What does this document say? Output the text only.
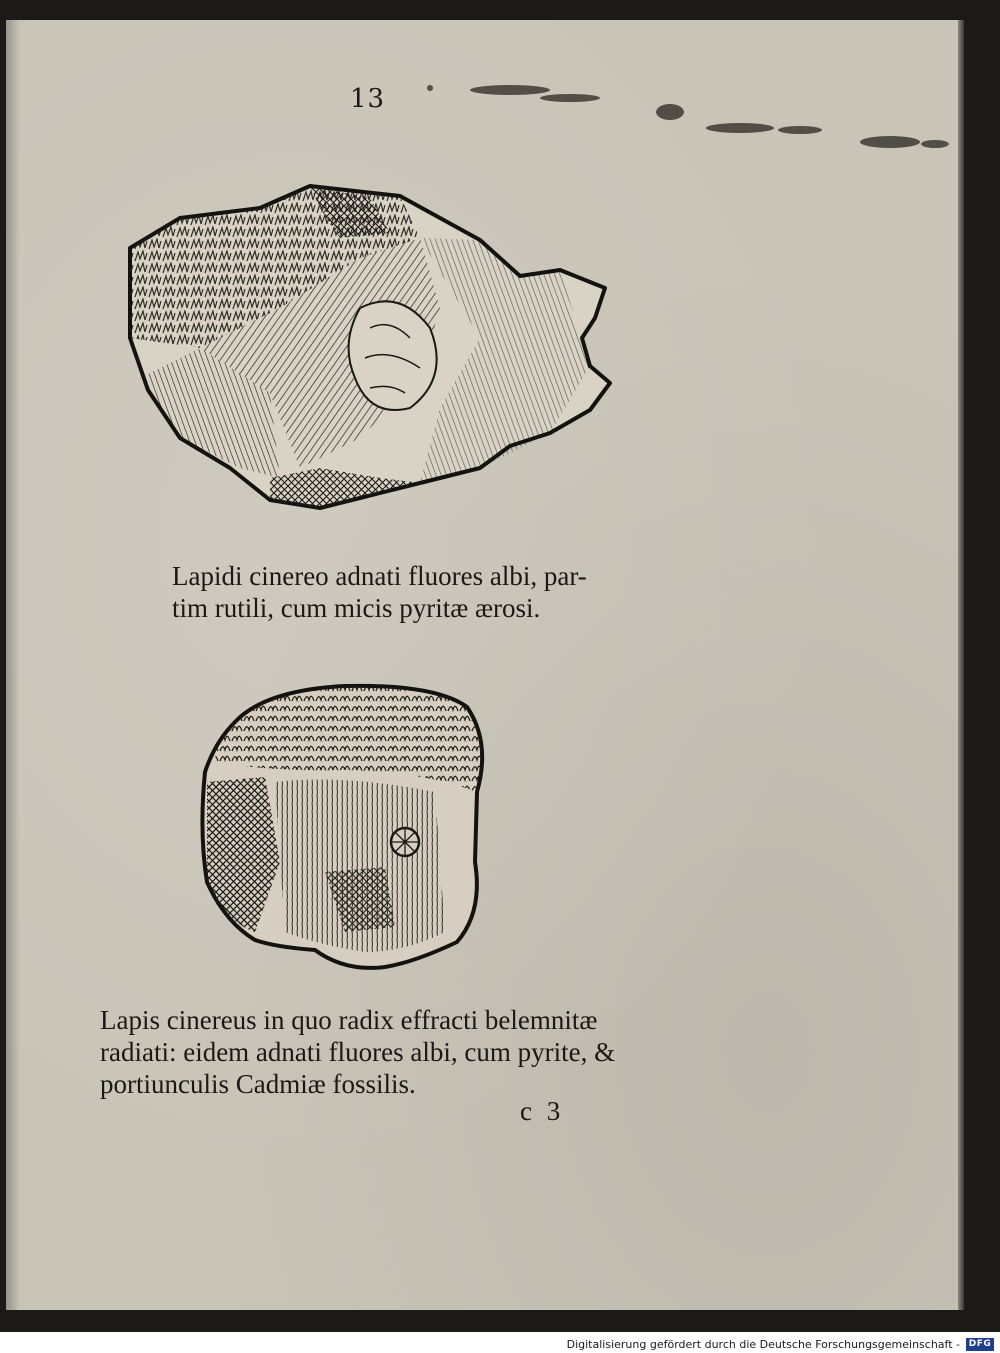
13

Lapidi cinereo adnati fluores albi, par-
tim rutili, cum micis pyritæ ærosi.

Lapis cinereus in quo radix effracti belemnitæ
radiati: eidem adnati fluores albi, cum pyrite, &
portiunculis Cadmiæ fossilis.

c 3

Digitalisierung gefördert durch die Deutsche Forschungsgemeinschaft - DFG
